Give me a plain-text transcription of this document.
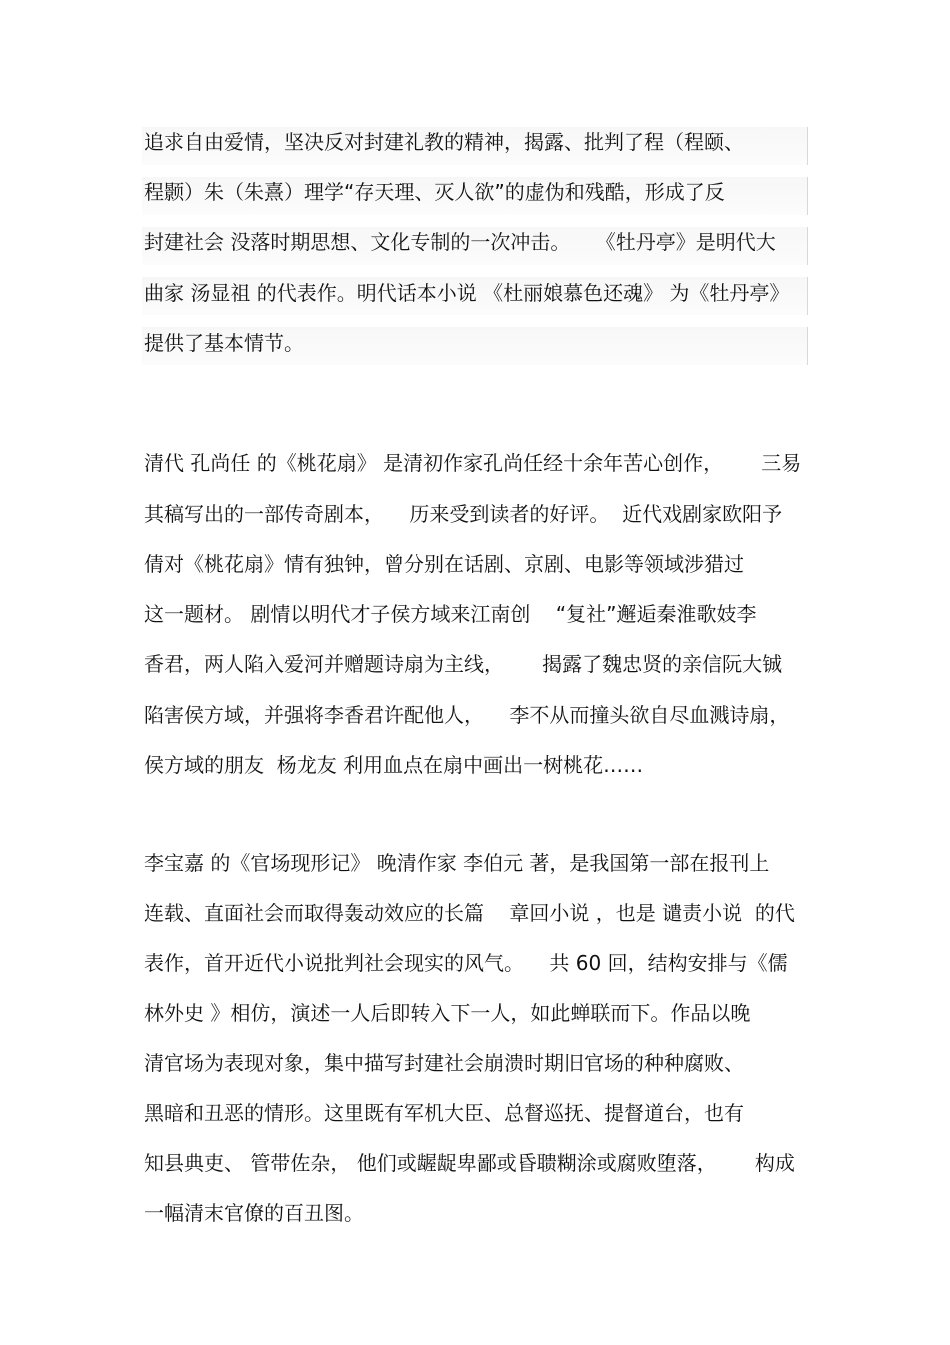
追求自由爱情，坚决反对封建礼教的精神，揭露、批判了程（程颐、
程颢）朱（朱熹）理学“存天理、灭人欲”的虚伪和残酷，形成了反
封建社会 没落时期思想、文化专制的一次冲击。    《牡丹亭》是明代大
曲家 汤显祖 的代表作。明代话本小说 《杜丽娘慕色还魂》 为《牡丹亭》
提供了基本情节。
清代 孔尚任 的《桃花扇》 是清初作家孔尚任经十余年苦心创作，      三易
其稿写出的一部传奇剧本，    历来受到读者的好评。  近代戏剧家欧阳予
倩对《桃花扇》情有独钟，曾分别在话剧、京剧、电影等领域涉猎过
这一题材。 剧情以明代才子侯方域来江南创    “复社”邂逅秦淮歌妓李
香君，两人陷入爱河并赠题诗扇为主线，      揭露了魏忠贤的亲信阮大铖
陷害侯方域，并强将李香君许配他人，    李不从而撞头欲自尽血溅诗扇，
侯方域的朋友  杨龙友 利用血点在扇中画出一树桃花……
李宝嘉 的《官场现形记》 晚清作家 李伯元 著，是我国第一部在报刊上
连载、直面社会而取得轰动效应的长篇    章回小说 ，也是 谴责小说  的代
表作，首开近代小说批判社会现实的风气。    共 60 回，结构安排与《儒
林外史 》相仿，演述一人后即转入下一人，如此蝉联而下。作品以晚
清官场为表现对象，集中描写封建社会崩溃时期旧官场的种种腐败、
黑暗和丑恶的情形。这里既有军机大臣、总督巡抚、提督道台，也有
知县典吏、 管带佐杂， 他们或龌龊卑鄙或昏聩糊涂或腐败堕落，      构成
一幅清末官僚的百丑图。
